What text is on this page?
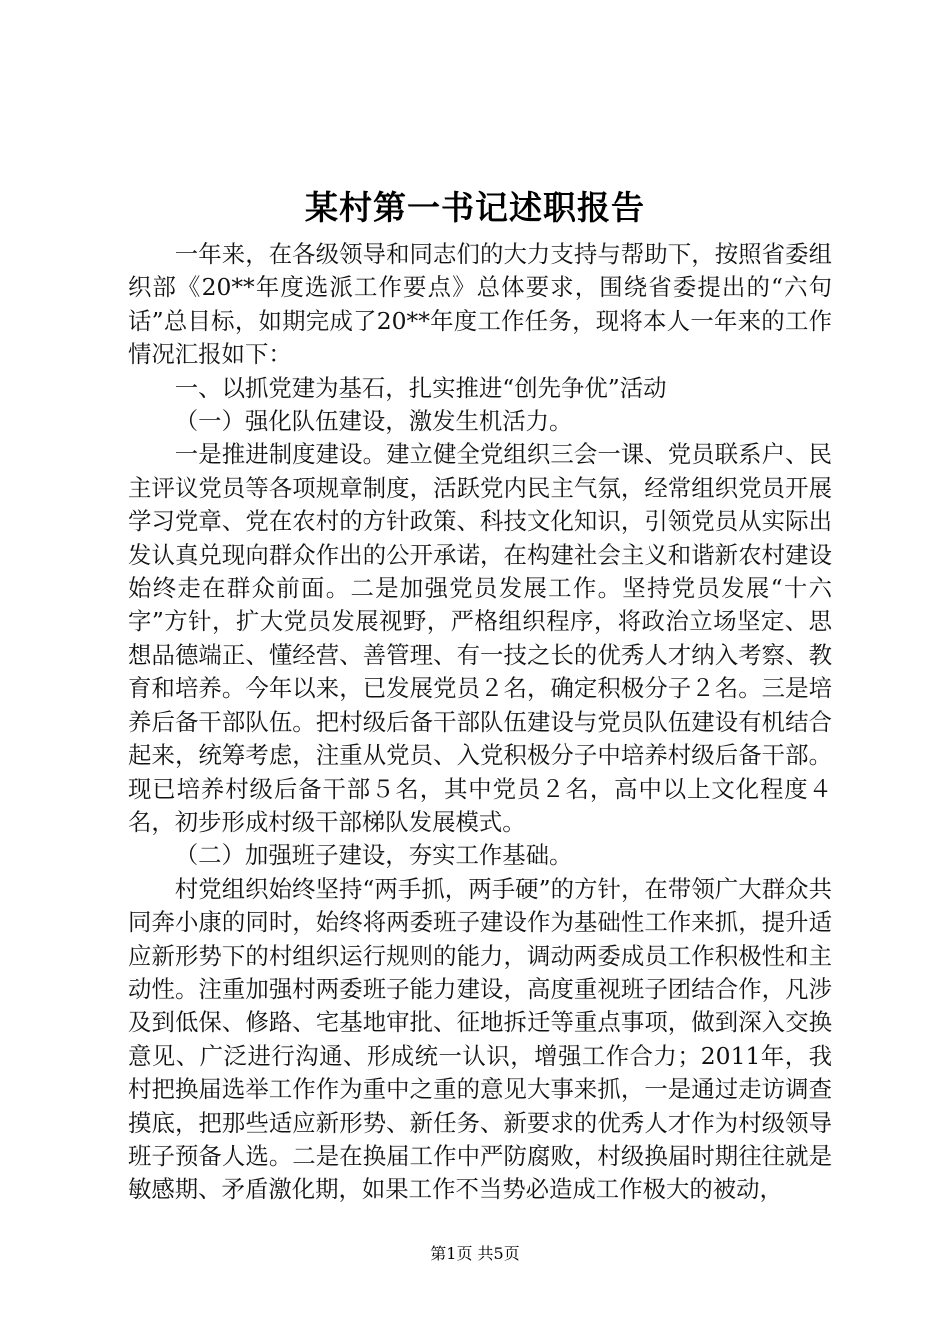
某村第一书记述职报告

一年来，在各级领导和同志们的大力支持与帮助下，按照省委组织部《20**年度选派工作要点》总体要求，围绕省委提出的“六句话”总目标，如期完成了20**年度工作任务，现将本人一年来的工作情况汇报如下：

一、以抓党建为基石，扎实推进“创先争优”活动

（一）强化队伍建设，激发生机活力。

一是推进制度建设。建立健全党组织三会一课、党员联系户、民主评议党员等各项规章制度，活跃党内民主气氛，经常组织党员开展学习党章、党在农村的方针政策、科技文化知识，引领党员从实际出发认真兑现向群众作出的公开承诺，在构建社会主义和谐新农村建设始终走在群众前面。二是加强党员发展工作。坚持党员发展“十六字”方针，扩大党员发展视野，严格组织程序，将政治立场坚定、思想品德端正、懂经营、善管理、有一技之长的优秀人才纳入考察、教育和培养。今年以来，已发展党员２名，确定积极分子２名。三是培养后备干部队伍。把村级后备干部队伍建设与党员队伍建设有机结合起来，统筹考虑，注重从党员、入党积极分子中培养村级后备干部。现已培养村级后备干部５名，其中党员２名，高中以上文化程度４名，初步形成村级干部梯队发展模式。

（二）加强班子建设，夯实工作基础。

村党组织始终坚持“两手抓，两手硬”的方针，在带领广大群众共同奔小康的同时，始终将两委班子建设作为基础性工作来抓，提升适应新形势下的村组织运行规则的能力，调动两委成员工作积极性和主动性。注重加强村两委班子能力建设，高度重视班子团结合作，凡涉及到低保、修路、宅基地审批、征地拆迁等重点事项，做到深入交换意见、广泛进行沟通、形成统一认识，增强工作合力；2011年，我村把换届选举工作作为重中之重的意见大事来抓，一是通过走访调查摸底，把那些适应新形势、新任务、新要求的优秀人才作为村级领导班子预备人选。二是在换届工作中严防腐败，村级换届时期往往就是敏感期、矛盾激化期，如果工作不当势必造成工作极大的被动，

第1页 共5页
